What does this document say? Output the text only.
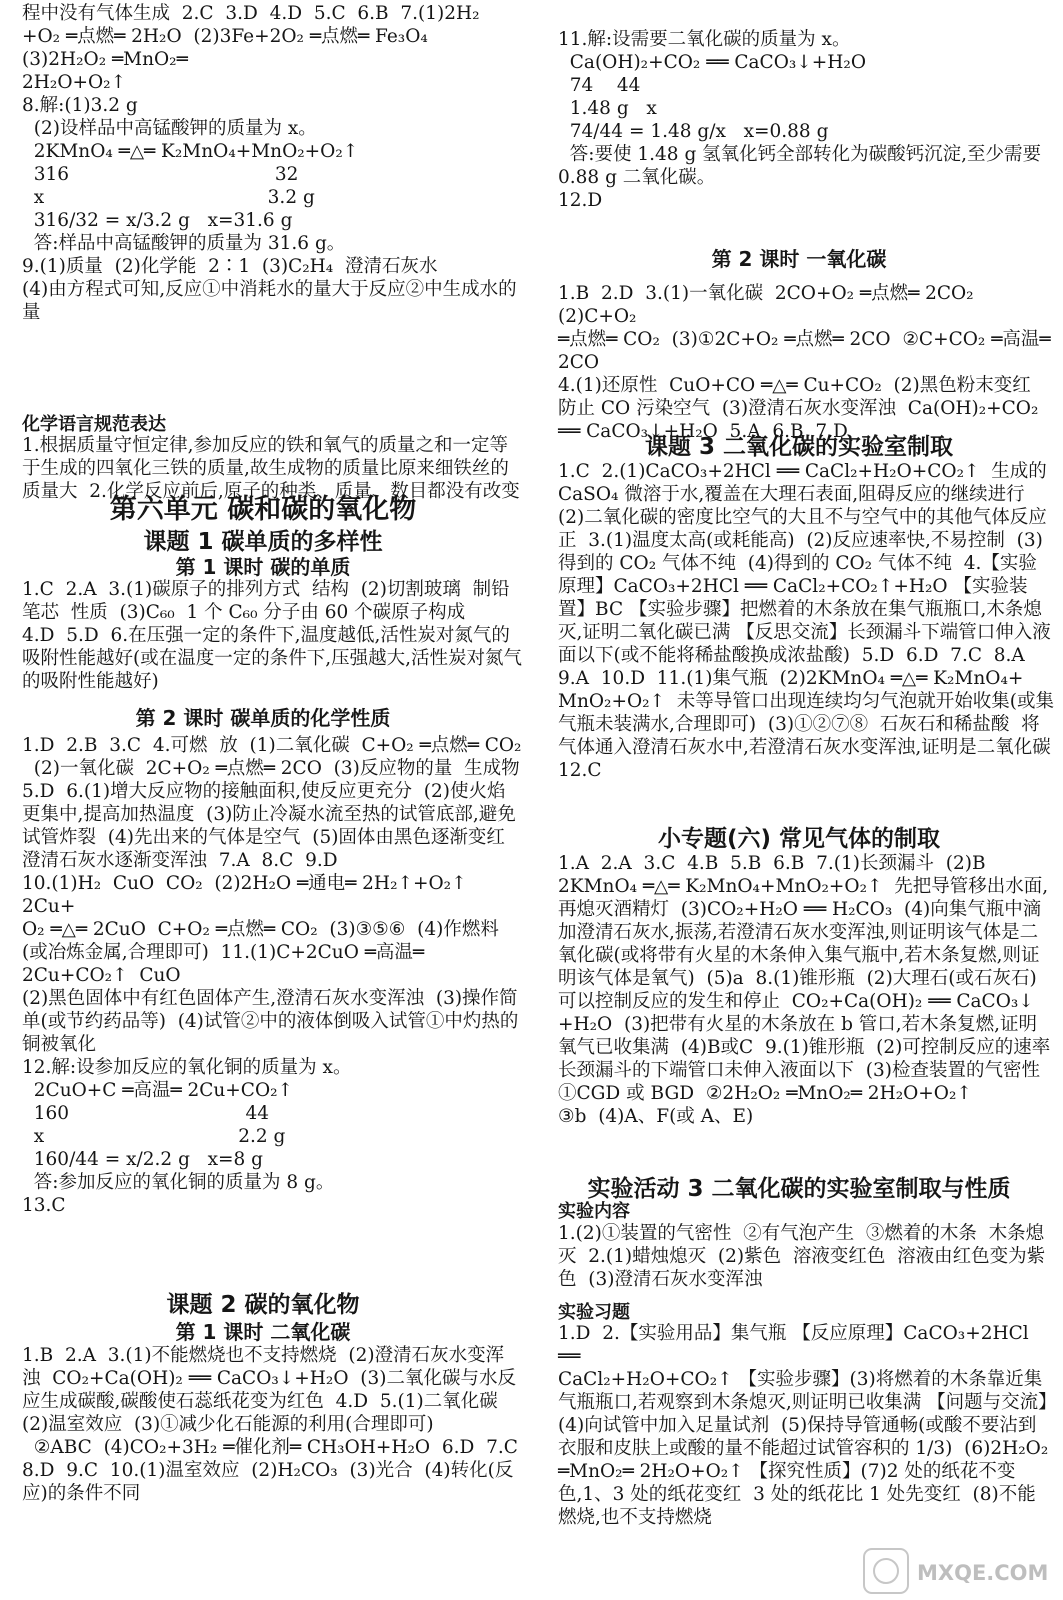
程中没有气体生成  2.C  3.D  4.D  5.C  6.B  7.(1)2H₂
+O₂ ═点燃═ 2H₂O  (2)3Fe+2O₂ ═点燃═ Fe₃O₄  (3)2H₂O₂ ═MnO₂═
2H₂O+O₂↑
8.解:(1)3.2 g
(2)设样品中高锰酸钾的质量为 x。
2KMnO₄ ═△═ K₂MnO₄+MnO₂+O₂↑
316                                   32
x                                      3.2 g
316/32 = x/3.2 g   x=31.6 g
答:样品中高锰酸钾的质量为 31.6 g。
9.(1)质量  (2)化学能  2∶1  (3)C₂H₄  澄清石灰水
(4)由方程式可知,反应①中消耗水的量大于反应②中生成水的量
化学语言规范表达
1.根据质量守恒定律,参加反应的铁和氧气的质量之和一定等于生成的四氧化三铁的质量,故生成物的质量比原来细铁丝的质量大  2.化学反应前后,原子的种类、质量、数目都没有改变
第六单元 碳和碳的氧化物
课题 1 碳单质的多样性
第 1 课时 碳的单质
1.C  2.A  3.(1)碳原子的排列方式  结构  (2)切割玻璃  制铅笔芯  性质  (3)C₆₀  1 个 C₆₀ 分子由 60 个碳原子构成
4.D  5.D  6.在压强一定的条件下,温度越低,活性炭对氮气的吸附性能越好(或在温度一定的条件下,压强越大,活性炭对氮气的吸附性能越好)
第 2 课时 碳单质的化学性质
1.D  2.B  3.C  4.可燃  放  (1)二氧化碳  C+O₂ ═点燃═ CO₂
(2)一氧化碳  2C+O₂ ═点燃═ 2CO  (3)反应物的量  生成物
5.D  6.(1)增大反应物的接触面积,使反应更充分  (2)使火焰更集中,提高加热温度  (3)防止冷凝水流至热的试管底部,避免试管炸裂  (4)先出来的气体是空气  (5)固体由黑色逐渐变红  澄清石灰水逐渐变浑浊  7.A  8.C  9.D
10.(1)H₂  CuO  CO₂  (2)2H₂O ═通电═ 2H₂↑+O₂↑  2Cu+
O₂ ═△═ 2CuO  C+O₂ ═点燃═ CO₂  (3)③⑤⑥  (4)作燃料(或冶炼金属,合理即可)  11.(1)C+2CuO ═高温═ 2Cu+CO₂↑  CuO
(2)黑色固体中有红色固体产生,澄清石灰水变浑浊  (3)操作简单(或节约药品等)  (4)试管②中的液体倒吸入试管①中灼热的铜被氧化
12.解:设参加反应的氧化铜的质量为 x。
2CuO+C ═高温═ 2Cu+CO₂↑
160                              44
x                                 2.2 g
160/44 = x/2.2 g   x=8 g
答:参加反应的氧化铜的质量为 8 g。
13.C
课题 2 碳的氧化物
第 1 课时 二氧化碳
1.B  2.A  3.(1)不能燃烧也不支持燃烧  (2)澄清石灰水变浑浊  CO₂+Ca(OH)₂ ══ CaCO₃↓+H₂O  (3)二氧化碳与水反应生成碳酸,碳酸使石蕊纸花变为红色  4.D  5.(1)二氧化碳  (2)温室效应  (3)①减少化石能源的利用(合理即可)
②ABC  (4)CO₂+3H₂ ═催化剂═ CH₃OH+H₂O  6.D  7.C
8.D  9.C  10.(1)温室效应  (2)H₂CO₃  (3)光合  (4)转化(反应)的条件不同
11.解:设需要二氧化碳的质量为 x。
Ca(OH)₂+CO₂ ══ CaCO₃↓+H₂O
74    44
1.48 g   x
74/44 = 1.48 g/x   x=0.88 g
答:要使 1.48 g 氢氧化钙全部转化为碳酸钙沉淀,至少需要 0.88 g 二氧化碳。
12.D
第 2 课时 一氧化碳
1.B  2.D  3.(1)一氧化碳  2CO+O₂ ═点燃═ 2CO₂  (2)C+O₂
═点燃═ CO₂  (3)①2C+O₂ ═点燃═ 2CO  ②C+CO₂ ═高温═ 2CO
4.(1)还原性  CuO+CO ═△═ Cu+CO₂  (2)黑色粉末变红  防止 CO 污染空气  (3)澄清石灰水变浑浊  Ca(OH)₂+CO₂
══ CaCO₃↓+H₂O  5.A  6.B  7.D
课题 3 二氧化碳的实验室制取
1.C  2.(1)CaCO₃+2HCl ══ CaCl₂+H₂O+CO₂↑  生成的 CaSO₄ 微溶于水,覆盖在大理石表面,阻碍反应的继续进行
(2)二氧化碳的密度比空气的大且不与空气中的其他气体反应  正  3.(1)温度太高(或耗能高)  (2)反应速率快,不易控制  (3)得到的 CO₂ 气体不纯  (4)得到的 CO₂ 气体不纯  4.【实验原理】CaCO₃+2HCl ══ CaCl₂+CO₂↑+H₂O 【实验装置】BC 【实验步骤】把燃着的木条放在集气瓶瓶口,木条熄灭,证明二氧化碳已满 【反思交流】长颈漏斗下端管口伸入液面以下(或不能将稀盐酸换成浓盐酸)  5.D  6.D  7.C  8.A
9.A  10.D  11.(1)集气瓶  (2)2KMnO₄ ═△═ K₂MnO₄+
MnO₂+O₂↑  未等导管口出现连续均匀气泡就开始收集(或集气瓶未装满水,合理即可)  (3)①②⑦⑧  石灰石和稀盐酸  将气体通入澄清石灰水中,若澄清石灰水变浑浊,证明是二氧化碳  12.C
小专题(六) 常见气体的制取
1.A  2.A  3.C  4.B  5.B  6.B  7.(1)长颈漏斗  (2)B
2KMnO₄ ═△═ K₂MnO₄+MnO₂+O₂↑  先把导管移出水面,再熄灭酒精灯  (3)CO₂+H₂O ══ H₂CO₃  (4)向集气瓶中滴加澄清石灰水,振荡,若澄清石灰水变浑浊,则证明该气体是二氧化碳(或将带有火星的木条伸入集气瓶中,若木条复燃,则证明该气体是氧气)  (5)a  8.(1)锥形瓶  (2)大理石(或石灰石)  可以控制反应的发生和停止  CO₂+Ca(OH)₂ ══ CaCO₃↓
+H₂O  (3)把带有火星的木条放在 b 管口,若木条复燃,证明氧气已收集满  (4)B或C  9.(1)锥形瓶  (2)可控制反应的速率  长颈漏斗的下端管口未伸入液面以下  (3)检查装置的气密性  ①CGD 或 BGD  ②2H₂O₂ ═MnO₂═ 2H₂O+O₂↑
③b  (4)A、F(或 A、E)
实验活动 3 二氧化碳的实验室制取与性质
实验内容
1.(2)①装置的气密性  ②有气泡产生  ③燃着的木条  木条熄灭  2.(1)蜡烛熄灭  (2)紫色  溶液变红色  溶液由红色变为紫色  (3)澄清石灰水变浑浊
实验习题
1.D  2.【实验用品】集气瓶 【反应原理】CaCO₃+2HCl ══
CaCl₂+H₂O+CO₂↑ 【实验步骤】(3)将燃着的木条靠近集气瓶瓶口,若观察到木条熄灭,则证明已收集满 【问题与交流】(4)向试管中加入足量试剂  (5)保持导管通畅(或酸不要沾到衣服和皮肤上或酸的量不能超过试管容积的 1/3)  (6)2H₂O₂
═MnO₂═ 2H₂O+O₂↑ 【探究性质】(7)2 处的纸花不变色,1、3 处的纸花变红  3 处的纸花比 1 处先变红  (8)不能燃烧,也不支持燃烧
MXQE.COM
